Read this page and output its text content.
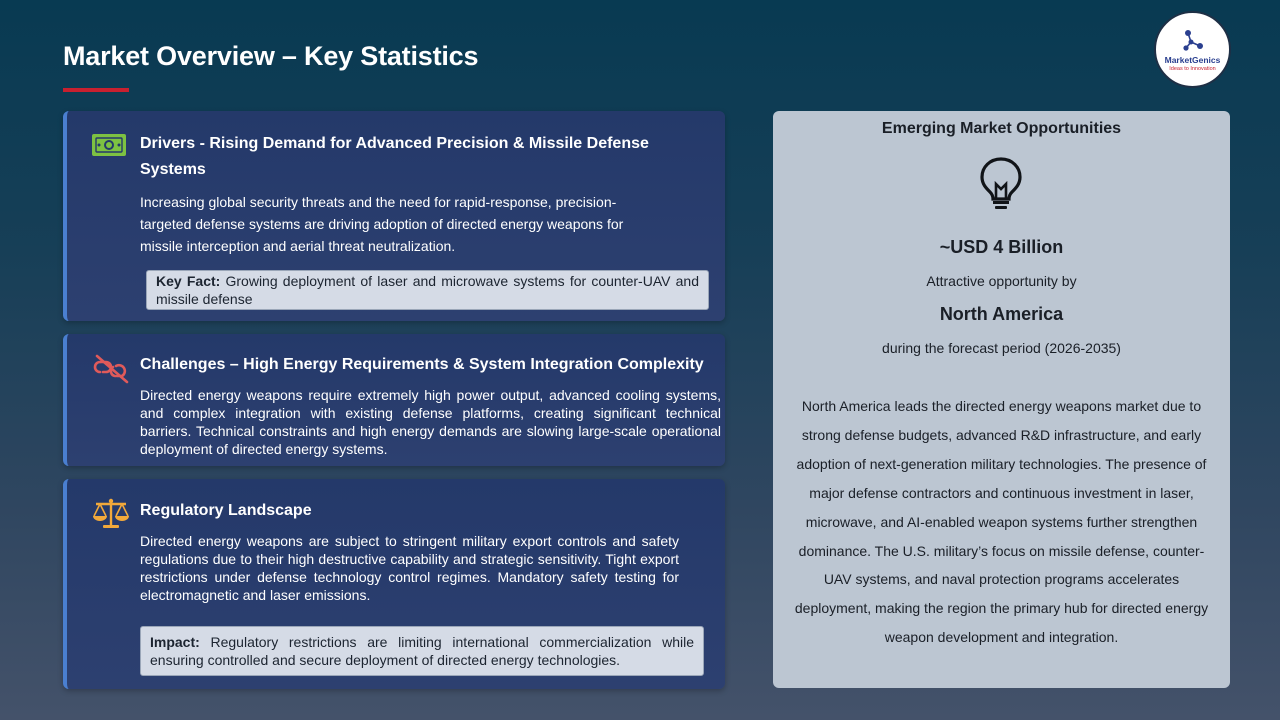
Market Overview – Key Statistics	MarketGenics
Ideas to Innovation
Drivers - Rising Demand for Advanced Precision & Missile Defense Systems
Increasing global security threats and the need for rapid-response, precision-targeted defense systems are driving adoption of directed energy weapons for missile interception and aerial threat neutralization.
Key Fact: Growing deployment of laser and microwave systems for counter-UAV and missile defense
Challenges – High Energy Requirements & System Integration Complexity
Directed energy weapons require extremely high power output, advanced cooling systems, and complex integration with existing defense platforms, creating significant technical barriers. Technical constraints and high energy demands are slowing large-scale operational deployment of directed energy systems.
Regulatory Landscape
Directed energy weapons are subject to stringent military export controls and safety regulations due to their high destructive capability and strategic sensitivity. Tight export restrictions under defense technology control regimes. Mandatory safety testing for electromagnetic and laser emissions.
Impact: Regulatory restrictions are limiting international commercialization while ensuring controlled and secure deployment of directed energy technologies.
Emerging Market Opportunities
~USD 4 Billion
Attractive opportunity by
North America
during the forecast period (2026-2035)
North America leads the directed energy weapons market due to strong defense budgets, advanced R&D infrastructure, and early adoption of next-generation military technologies. The presence of major defense contractors and continuous investment in laser, microwave, and AI-enabled weapon systems further strengthen dominance. The U.S. military’s focus on missile defense, counter-UAV systems, and naval protection programs accelerates deployment, making the region the primary hub for directed energy weapon development and integration.
